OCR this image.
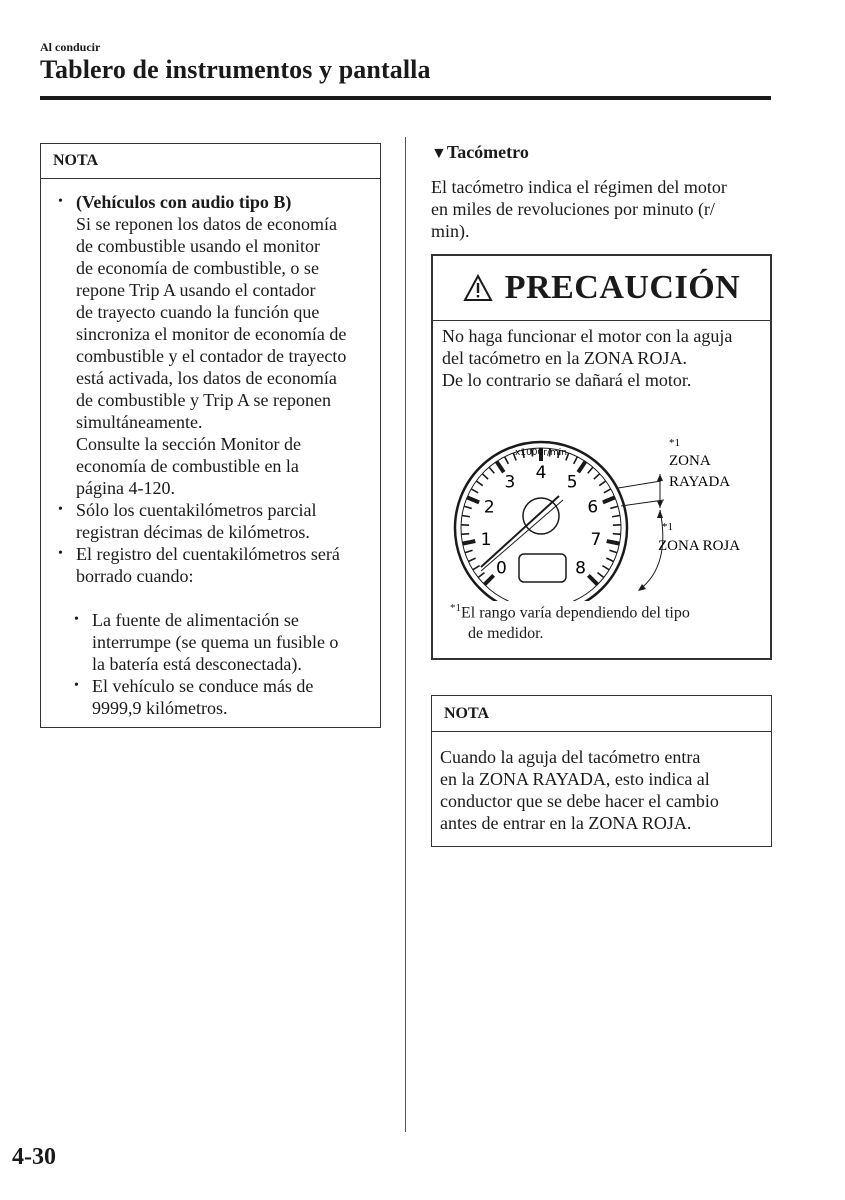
Al conducir
Tablero de instrumentos y pantalla
NOTA
• (Vehículos con audio tipo B)
Si se reponen los datos de economía
de combustible usando el monitor
de economía de combustible, o se
repone Trip A usando el contador
de trayecto cuando la función que
sincroniza el monitor de economía de
combustible y el contador de trayecto
está activada, los datos de economía
de combustible y Trip A se reponen
simultáneamente.
Consulte la sección Monitor de
economía de combustible en la
página 4-120.
• Sólo los cuentakilómetros parcial
registran décimas de kilómetros.
• El registro del cuentakilómetros será
borrado cuando:
• La fuente de alimentación se
interrumpe (se quema un fusible o
la batería está desconectada).
• El vehículo se conduce más de
9999,9 kilómetros.
▼Tacómetro
El tacómetro indica el régimen del motor
en miles de revoluciones por minuto (r/
min).
PRECAUCIÓN
No haga funcionar el motor con la aguja
del tacómetro en la ZONA ROJA.
De lo contrario se dañará el motor.
x1000r/min
0
1
2
3 4 5
6
7
8
*1
ZONA
RAYADA
*1
ZONA ROJA
$^{*1}$El rango varía dependiendo del tipo
de medidor.
NOTA
Cuando la aguja del tacómetro entra
en la ZONA RAYADA, esto indica al
conductor que se debe hacer el cambio
antes de entrar en la ZONA ROJA.
4-30
